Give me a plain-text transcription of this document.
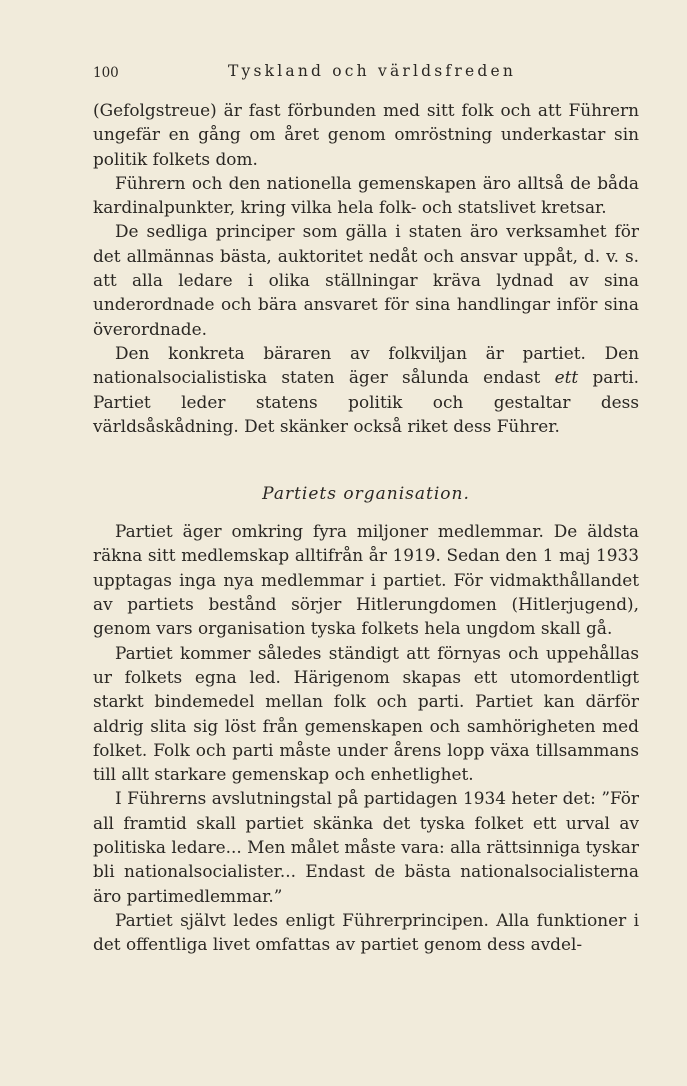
100	Tyskland och världsfreden

(Gefolgstreue) är fast förbunden med sitt folk och att Führern ungefär en gång om året genom omröstning underkastar sin politik folkets dom.

Führern och den nationella gemenskapen äro alltså de båda kardinalpunkter, kring vilka hela folk- och statslivet kretsar.

De sedliga principer som gälla i staten äro verksamhet för det allmännas bästa, auktoritet nedåt och ansvar uppåt, d. v. s. att alla ledare i olika ställningar kräva lydnad av sina underordnade och bära ansvaret för sina handlingar inför sina överordnade.

Den konkreta bäraren av folkviljan är partiet. Den nationalsocialistiska staten äger sålunda endast ett parti. Partiet leder statens politik och gestaltar dess världsåskådning. Det skänker också riket dess Führer.

Partiets organisation.

Partiet äger omkring fyra miljoner medlemmar. De äldsta räkna sitt medlemskap alltifrån år 1919. Sedan den 1 maj 1933 upptagas inga nya medlemmar i partiet. För vidmakthållandet av partiets bestånd sörjer Hitlerungdomen (Hitlerjugend), genom vars organisation tyska folkets hela ungdom skall gå.

Partiet kommer således ständigt att förnyas och uppehållas ur folkets egna led. Härigenom skapas ett utomordentligt starkt bindemedel mellan folk och parti. Partiet kan därför aldrig slita sig löst från gemenskapen och samhörigheten med folket. Folk och parti måste under årens lopp växa tillsammans till allt starkare gemenskap och enhetlighet.

I Führerns avslutningstal på partidagen 1934 heter det: ”För all framtid skall partiet skänka det tyska folket ett urval av politiska ledare... Men målet måste vara: alla rättsinniga tyskar bli nationalsocialister... Endast de bästa nationalsocialisterna äro partimedlemmar.”

Partiet självt ledes enligt Führerprincipen. Alla funktioner i det offentliga livet omfattas av partiet genom dess avdel-
